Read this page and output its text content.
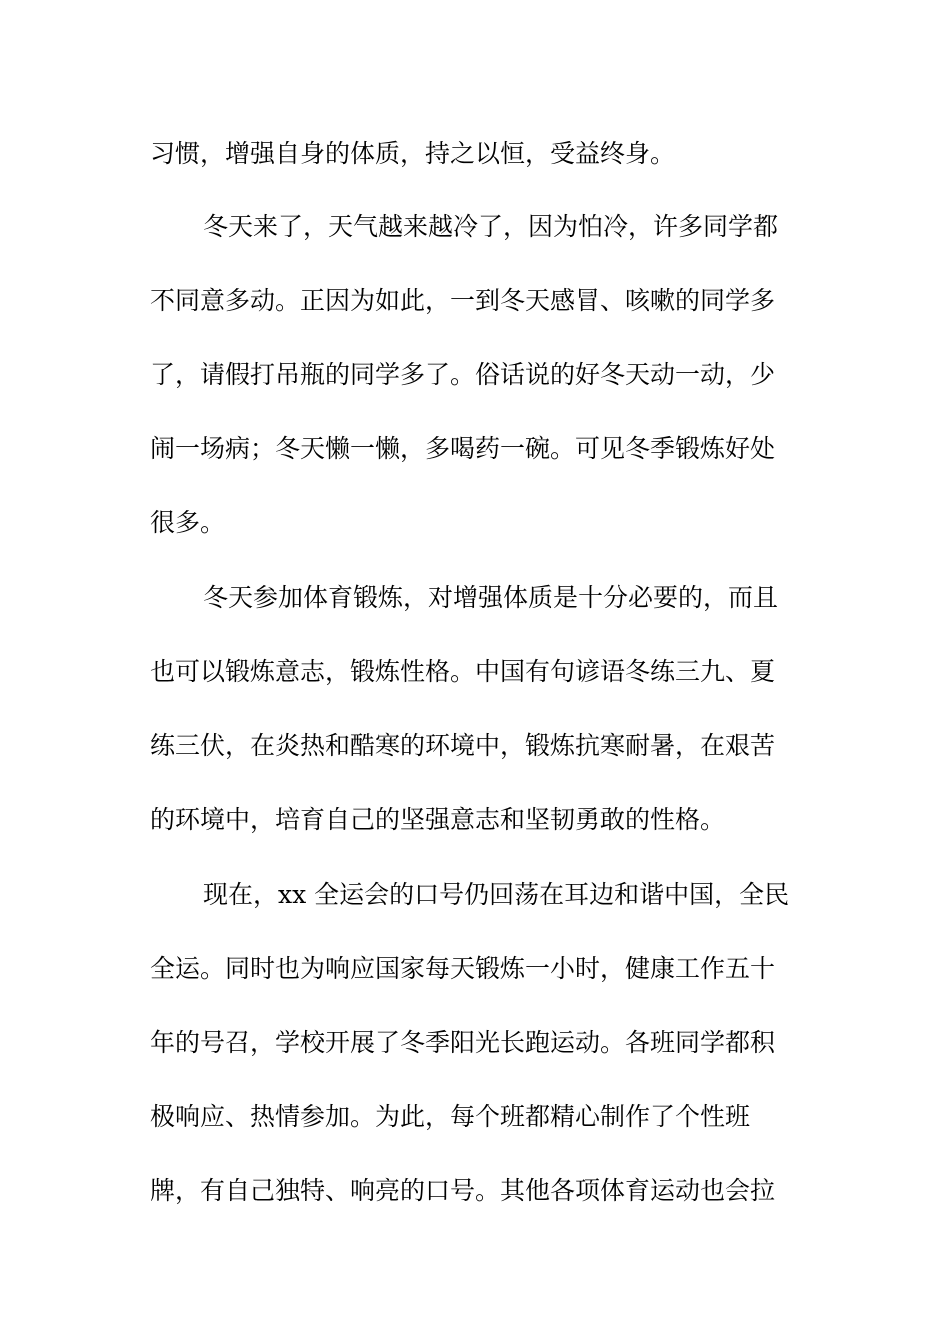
习惯，增强自身的体质，持之以恒，受益终身。

冬天来了，天气越来越冷了，因为怕冷，许多同学都

不同意多动。正因为如此，一到冬天感冒、咳嗽的同学多

了，请假打吊瓶的同学多了。俗话说的好冬天动一动，少

闹一场病；冬天懒一懒，多喝药一碗。可见冬季锻炼好处

很多。

冬天参加体育锻炼，对增强体质是十分必要的，而且

也可以锻炼意志，锻炼性格。中国有句谚语冬练三九、夏

练三伏，在炎热和酷寒的环境中，锻炼抗寒耐暑，在艰苦

的环境中，培育自己的坚强意志和坚韧勇敢的性格。

现在，xx 全运会的口号仍回荡在耳边和谐中国，全民

全运。同时也为响应国家每天锻炼一小时，健康工作五十

年的号召，学校开展了冬季阳光长跑运动。各班同学都积

极响应、热情参加。为此，每个班都精心制作了个性班

牌，有自己独特、响亮的口号。其他各项体育运动也会拉
